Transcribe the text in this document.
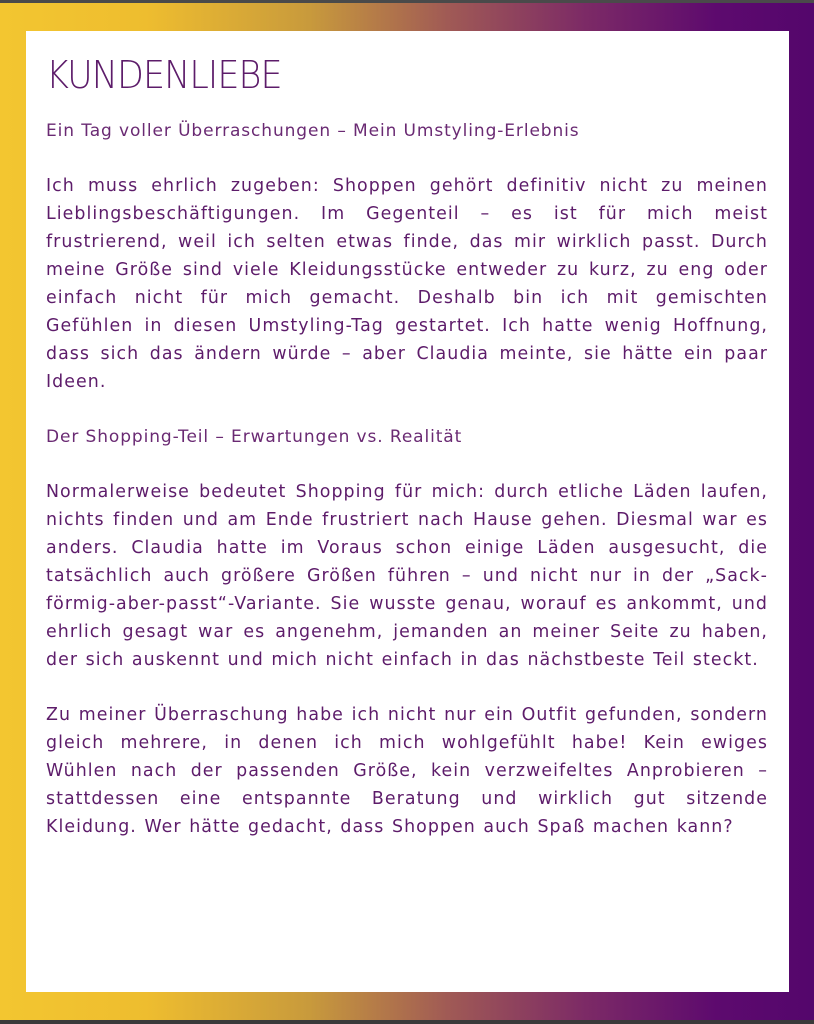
KUNDENLIEBE

Ein Tag voller Überraschungen – Mein Umstyling-Erlebnis

Ich muss ehrlich zugeben: Shoppen gehört definitiv nicht zu meinen Lieblingsbeschäftigungen. Im Gegenteil – es ist für mich meist frustrierend, weil ich selten etwas finde, das mir wirklich passt. Durch meine Größe sind viele Kleidungsstücke entweder zu kurz, zu eng oder einfach nicht für mich gemacht. Deshalb bin ich mit gemischten Gefühlen in diesen Umstyling-Tag gestartet. Ich hatte wenig Hoffnung, dass sich das ändern würde – aber Claudia meinte, sie hätte ein paar Ideen.

Der Shopping-Teil – Erwartungen vs. Realität

Normalerweise bedeutet Shopping für mich: durch etliche Läden laufen, nichts finden und am Ende frustriert nach Hause gehen. Diesmal war es anders. Claudia hatte im Voraus schon einige Läden ausgesucht, die tatsächlich auch größere Größen führen – und nicht nur in der „Sack-förmig-aber-passt“-Variante. Sie wusste genau, worauf es ankommt, und ehrlich gesagt war es angenehm, jemanden an meiner Seite zu haben, der sich auskennt und mich nicht einfach in das nächstbeste Teil steckt.

Zu meiner Überraschung habe ich nicht nur ein Outfit gefunden, sondern gleich mehrere, in denen ich mich wohlgefühlt habe! Kein ewiges Wühlen nach der passenden Größe, kein verzweifeltes Anprobieren – stattdessen eine entspannte Beratung und wirklich gut sitzende Kleidung. Wer hätte gedacht, dass Shoppen auch Spaß machen kann?
